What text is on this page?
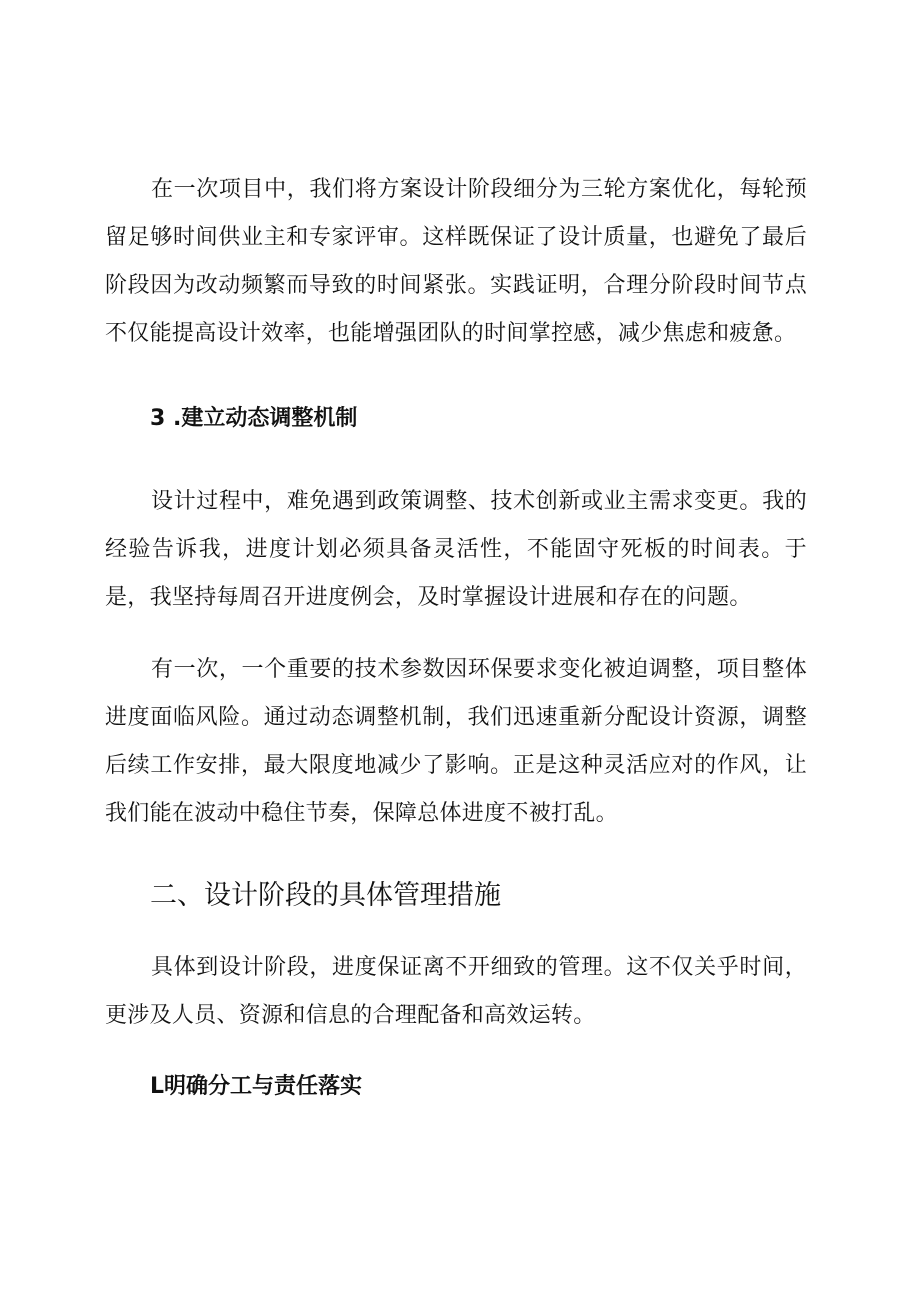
在一次项目中，我们将方案设计阶段细分为三轮方案优化，每轮预留足够时间供业主和专家评审。这样既保证了设计质量，也避免了最后阶段因为改动频繁而导致的时间紧张。实践证明，合理分阶段时间节点不仅能提高设计效率，也能增强团队的时间掌控感，减少焦虑和疲惫。

3 .建立动态调整机制

设计过程中，难免遇到政策调整、技术创新或业主需求变更。我的经验告诉我，进度计划必须具备灵活性，不能固守死板的时间表。于是，我坚持每周召开进度例会，及时掌握设计进展和存在的问题。

有一次，一个重要的技术参数因环保要求变化被迫调整，项目整体进度面临风险。通过动态调整机制，我们迅速重新分配设计资源，调整后续工作安排，最大限度地减少了影响。正是这种灵活应对的作风，让我们能在波动中稳住节奏，保障总体进度不被打乱。

二、设计阶段的具体管理措施

具体到设计阶段，进度保证离不开细致的管理。这不仅关乎时间，更涉及人员、资源和信息的合理配备和高效运转。

L明确分工与责任落实
